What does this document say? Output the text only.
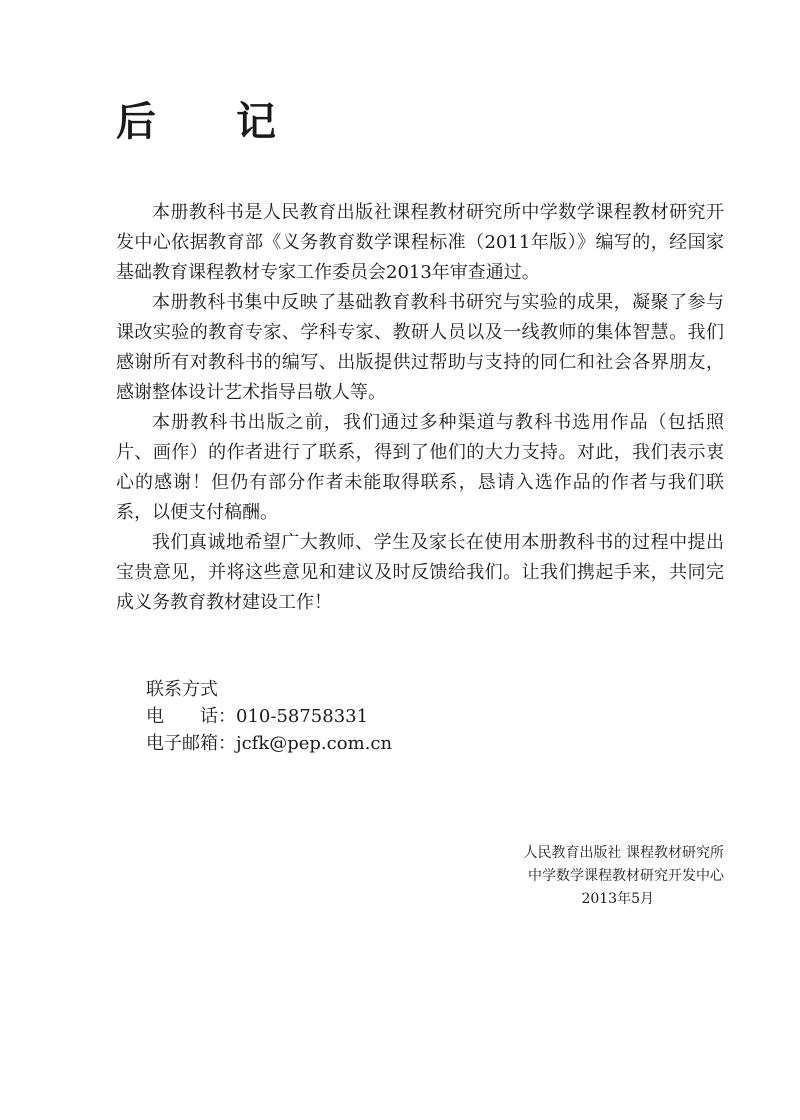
后　记

本册教科书是人民教育出版社课程教材研究所中学数学课程教材研究开发中心依据教育部《义务教育数学课程标准（2011年版）》编写的，经国家基础教育课程教材专家工作委员会2013年审查通过。

本册教科书集中反映了基础教育教科书研究与实验的成果，凝聚了参与课改实验的教育专家、学科专家、教研人员以及一线教师的集体智慧。我们感谢所有对教科书的编写、出版提供过帮助与支持的同仁和社会各界朋友，感谢整体设计艺术指导吕敬人等。

本册教科书出版之前，我们通过多种渠道与教科书选用作品（包括照片、画作）的作者进行了联系，得到了他们的大力支持。对此，我们表示衷心的感谢！但仍有部分作者未能取得联系，恳请入选作品的作者与我们联系，以便支付稿酬。

我们真诚地希望广大教师、学生及家长在使用本册教科书的过程中提出宝贵意见，并将这些意见和建议及时反馈给我们。让我们携起手来，共同完成义务教育教材建设工作！

联系方式
电　　话：010-58758331
电子邮箱：jcfk@pep.com.cn
人民教育出版社 课程教材研究所
中学数学课程教材研究开发中心
2013年5月
